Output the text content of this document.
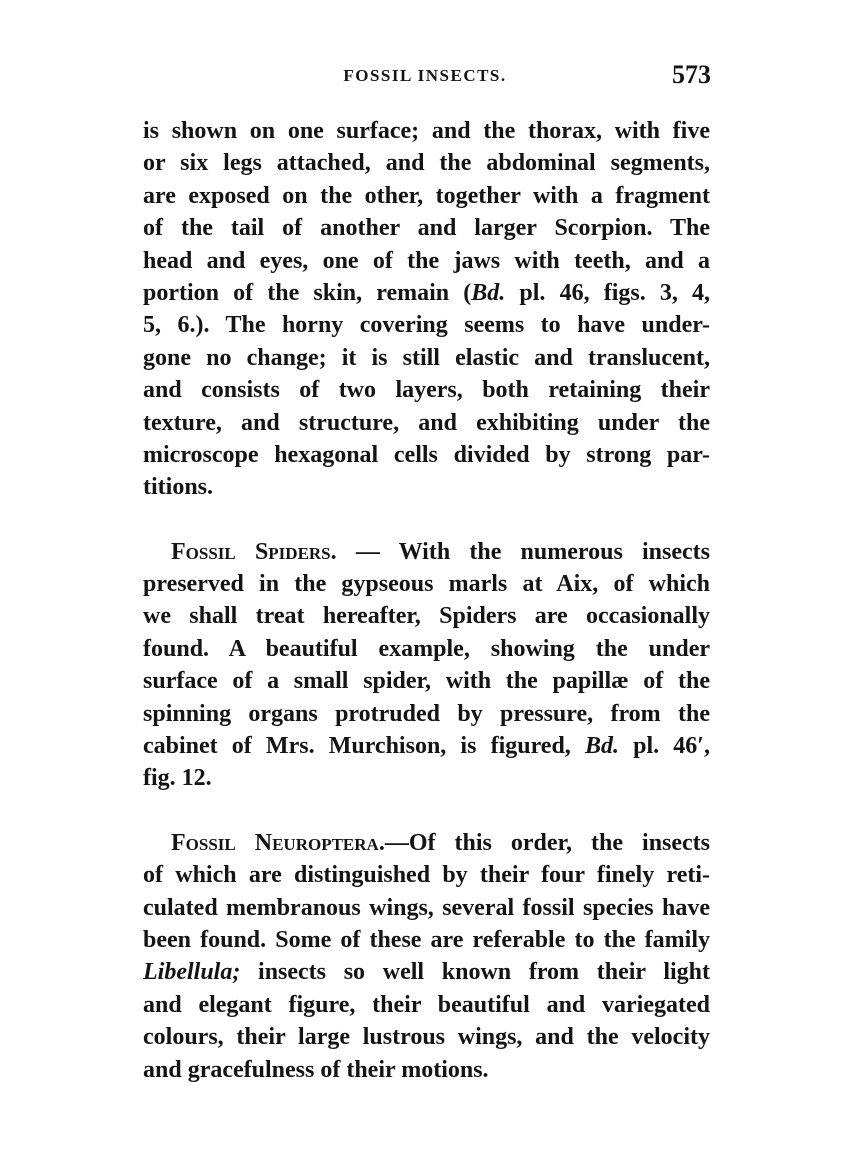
FOSSIL INSECTS.	573
is shown on one surface; and the thorax, with five
or six legs attached, and the abdominal segments,
are exposed on the other, together with a fragment
of the tail of another and larger Scorpion. The
head and eyes, one of the jaws with teeth, and a
portion of the skin, remain (Bd. pl. 46, figs. 3, 4,
5, 6.). The horny covering seems to have under-
gone no change; it is still elastic and translucent,
and consists of two layers, both retaining their
texture, and structure, and exhibiting under the
microscope hexagonal cells divided by strong par-
titions.
Fossil Spiders. — With the numerous insects
preserved in the gypseous marls at Aix, of which
we shall treat hereafter, Spiders are occasionally
found. A beautiful example, showing the under
surface of a small spider, with the papillæ of the
spinning organs protruded by pressure, from the
cabinet of Mrs. Murchison, is figured, Bd. pl. 46′,
fig. 12.
Fossil Neuroptera.—Of this order, the insects
of which are distinguished by their four finely reti-
culated membranous wings, several fossil species have
been found. Some of these are referable to the family
Libellula; insects so well known from their light
and elegant figure, their beautiful and variegated
colours, their large lustrous wings, and the velocity
and gracefulness of their motions.
